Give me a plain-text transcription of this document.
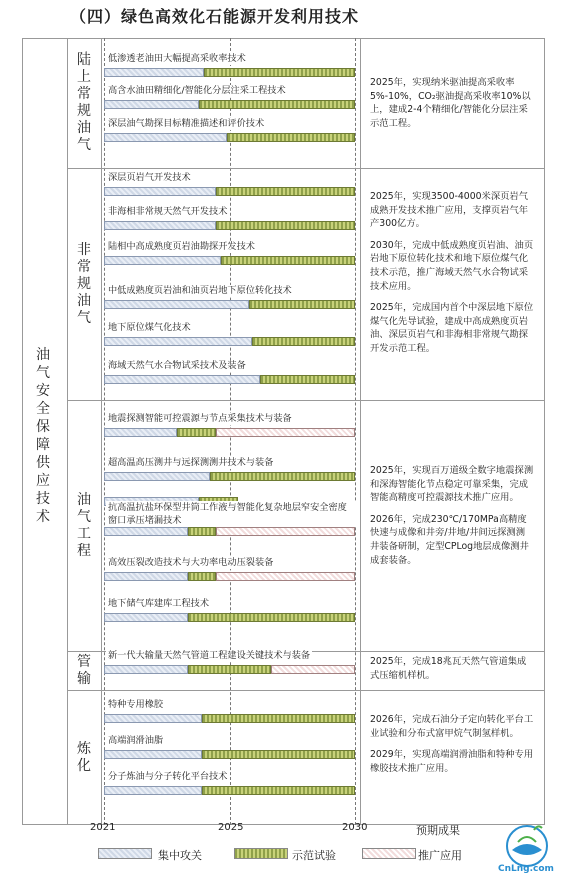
（四）绿色高效化石能源开发利用技术
油气安全保障供应技术
陆上常规油气
低渗透老油田大幅提高采收率技术
高含水油田精细化/智能化分层注采工程技术
深层油气勘探目标精准描述和评价技术
2025年，实现纳米驱油提高采收率5%-10%，CO₂驱油提高采收率10%以上，建成2-4个精细化/智能化分层注采示范工程。
非常规油气
深层页岩气开发技术
非海相非常规天然气开发技术
陆相中高成熟度页岩油勘探开发技术
中低成熟度页岩油和油页岩地下原位转化技术
地下原位煤气化技术
海域天然气水合物试采技术及装备
2025年，实现3500-4000米深页岩气成熟开发技术推广应用，支撑页岩气年产300亿方。
2030年，完成中低成熟度页岩油、油页岩地下原位转化技术和地下原位煤气化技术示范，推广海域天然气水合物试采技术应用。
2025年，完成国内首个中深层地下原位煤气化先导试验，建成中高成熟度页岩油、深层页岩气和非海相非常规气勘探开发示范工程。
油气工程
地震探测智能可控震源与节点采集技术与装备
超高温高压测井与远探测测井技术与装备
抗高温抗盐环保型井筒工作液与智能化复杂地层窄安全密度窗口承压堵漏技术
高效压裂改造技术与大功率电动压裂装备
地下储气库建库工程技术
2025年，实现百万道级全数字地震探测和深海智能化节点稳定可靠采集，完成智能高精度可控震源技术推广应用。
2026年，完成230℃/170MPa高精度快速与成像和井旁/井地/井间远探测测井装备研制，定型CPLog地层成像测井成套装备。
管输
新一代大输量天然气管道工程建设关键技术与装备
2025年，完成18兆瓦天然气管道集成式压缩机样机。
炼化
特种专用橡胶
高端润滑油脂
分子炼油与分子转化平台技术
2026年，完成石油分子定向转化平台工业试验和分布式富甲烷气制氢样机。
2029年，实现高端润滑油脂和特种专用橡胶技术推广应用。
2021	2025	2030	预期成果
集中攻关	示范试验	推广应用
CnLng.com
